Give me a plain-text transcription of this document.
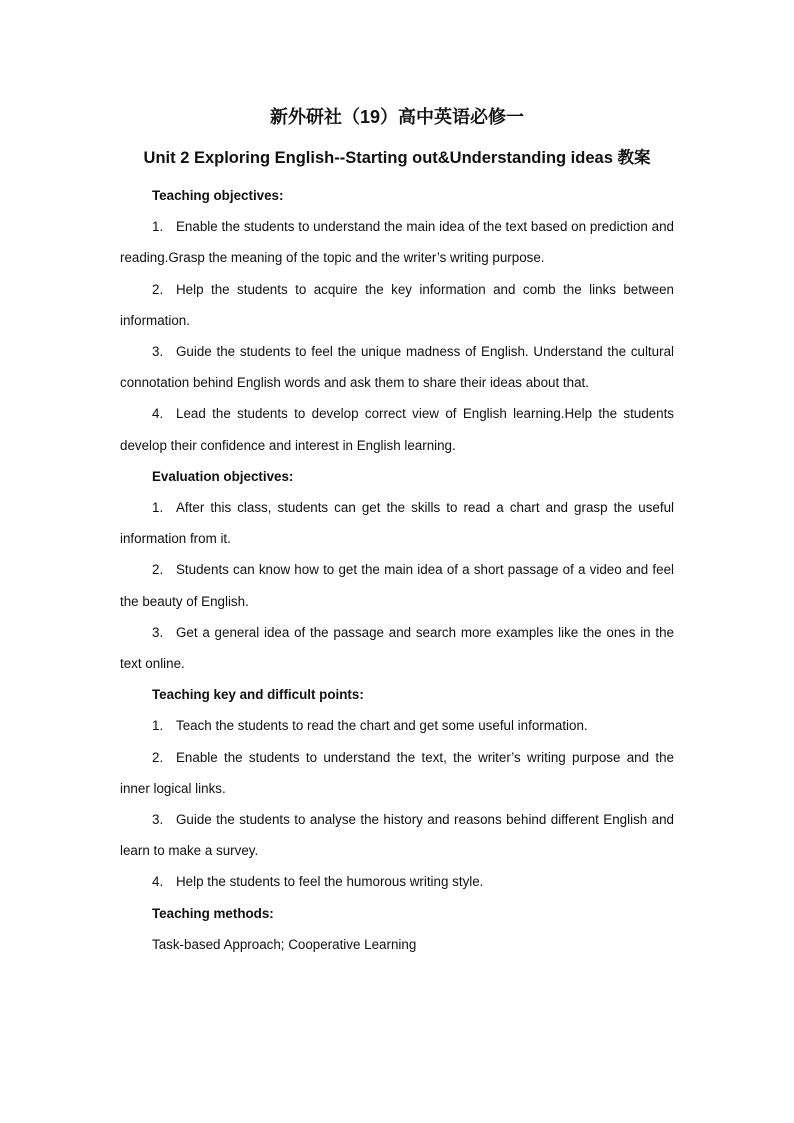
新外研社（19）高中英语必修一
Unit 2 Exploring English--Starting out&Understanding ideas 教案

Teaching objectives:

1. Enable the students to understand the main idea of the text based on prediction and reading.Grasp the meaning of the topic and the writer’s writing purpose.

2. Help the students to acquire the key information and comb the links between information.

3. Guide the students to feel the unique madness of English. Understand the cultural connotation behind English words and ask them to share their ideas about that.

4. Lead the students to develop correct view of English learning.Help the students develop their confidence and interest in English learning.

Evaluation objectives:

1. After this class, students can get the skills to read a chart and grasp the useful information from it.

2. Students can know how to get the main idea of a short passage of a video and feel the beauty of English.

3. Get a general idea of the passage and search more examples like the ones in the text online.

Teaching key and difficult points:

1. Teach the students to read the chart and get some useful information.

2. Enable the students to understand the text, the writer’s writing purpose and the inner logical links.

3. Guide the students to analyse the history and reasons behind different English and learn to make a survey.

4. Help the students to feel the humorous writing style.

Teaching methods:

Task-based Approach; Cooperative Learning
